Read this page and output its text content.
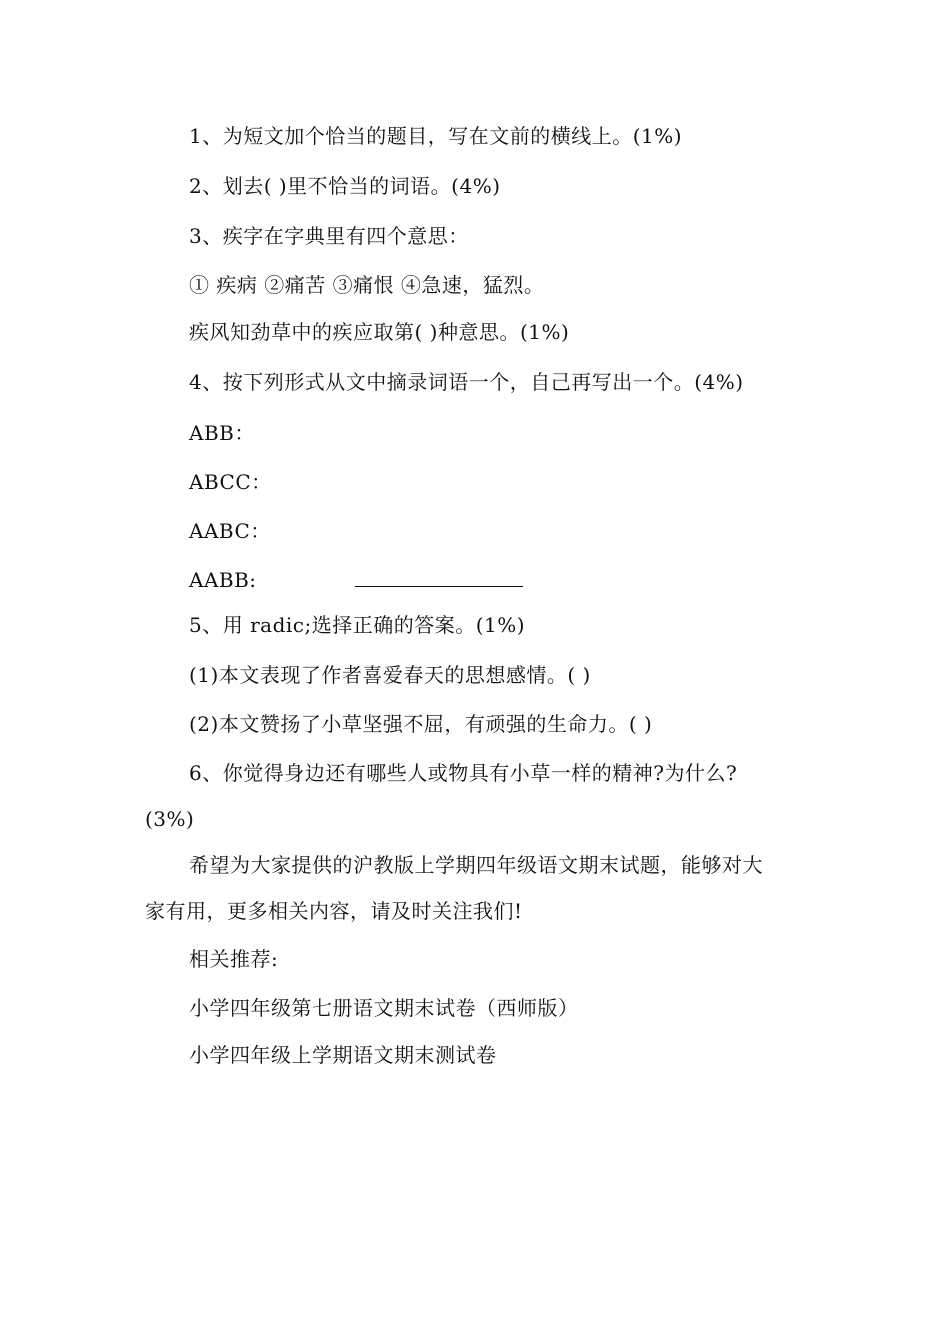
1、为短文加个恰当的题目，写在文前的横线上。(1%)
2、划去( )里不恰当的词语。(4%)
3、疾字在字典里有四个意思：
① 疾病 ②痛苦 ③痛恨 ④急速，猛烈。
疾风知劲草中的疾应取第( )种意思。(1%)
4、按下列形式从文中摘录词语一个，自己再写出一个。(4%)
ABB：
ABCC：
AABC：
AABB:
5、用 radic;选择正确的答案。(1%)
(1)本文表现了作者喜爱春天的思想感情。( )
(2)本文赞扬了小草坚强不屈，有顽强的生命力。( )
6、你觉得身边还有哪些人或物具有小草一样的精神?为什么?
(3%)
希望为大家提供的沪教版上学期四年级语文期末试题，能够对大
家有用，更多相关内容，请及时关注我们!
相关推荐:
小学四年级第七册语文期末试卷（西师版）
小学四年级上学期语文期末测试卷
